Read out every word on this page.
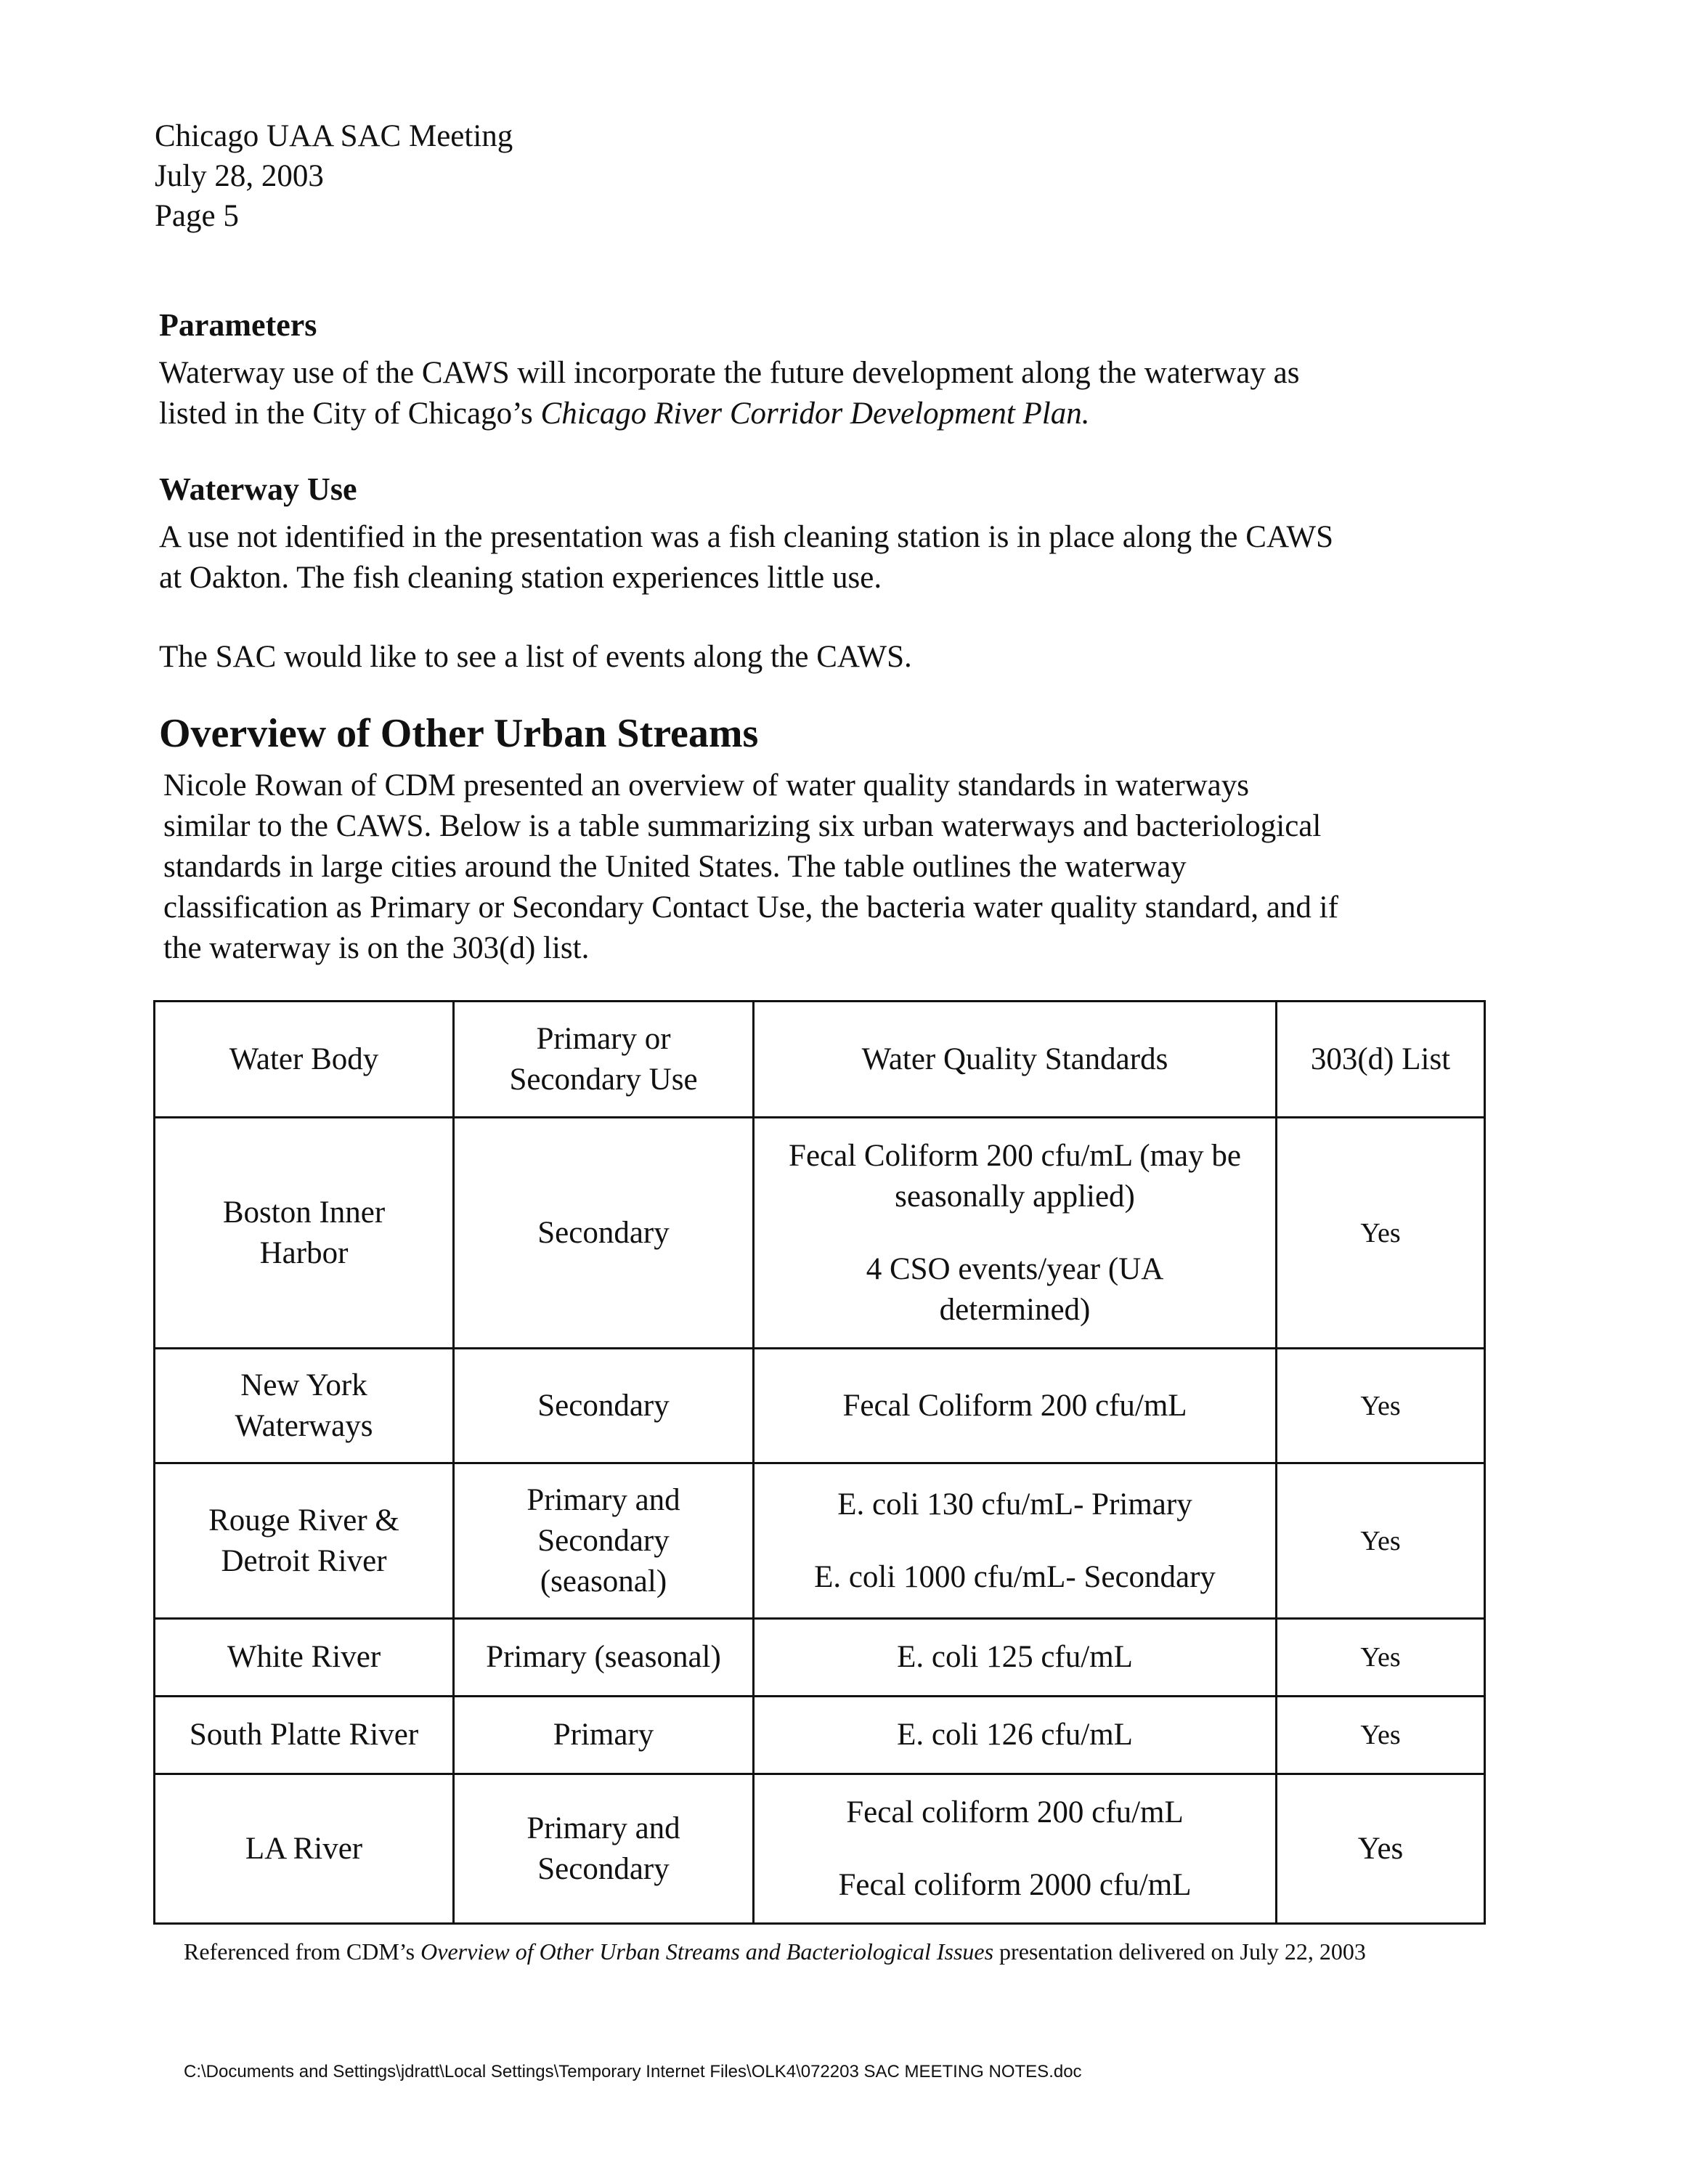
Chicago UAA SAC Meeting
July 28, 2003
Page 5
Parameters
Waterway use of the CAWS will incorporate the future development along the waterway as
listed in the City of Chicago’s Chicago River Corridor Development Plan.
Waterway Use
A use not identified in the presentation was a fish cleaning station is in place along the CAWS
at Oakton. The fish cleaning station experiences little use.
The SAC would like to see a list of events along the CAWS.
Overview of Other Urban Streams
Nicole Rowan of CDM presented an overview of water quality standards in waterways
similar to the CAWS. Below is a table summarizing six urban waterways and bacteriological
standards in large cities around the United States. The table outlines the waterway
classification as Primary or Secondary Contact Use, the bacteria water quality standard, and if
the waterway is on the 303(d) list.
Water Body	Primary or
Secondary Use	Water Quality Standards	303(d) List

Boston Inner
Harbor	Secondary	Fecal Coliform 200 cfu/mL (may be
seasonally applied)
4 CSO events/year (UA
determined)	Yes

New York
Waterways	Secondary	Fecal Coliform 200 cfu/mL	Yes

Rouge River &
Detroit River	Primary and
Secondary
(seasonal)	E. coli 130 cfu/mL- Primary
E. coli 1000 cfu/mL- Secondary	Yes

White River	Primary (seasonal)	E. coli 125 cfu/mL	Yes

South Platte River	Primary	E. coli 126 cfu/mL	Yes

LA River	Primary and
Secondary	Fecal coliform 200 cfu/mL
Fecal coliform 2000 cfu/mL	Yes
Referenced from CDM’s Overview of Other Urban Streams and Bacteriological Issues presentation delivered on July 22, 2003
C:\Documents and Settings\jdratt\Local Settings\Temporary Internet Files\OLK4\072203 SAC MEETING NOTES.doc
